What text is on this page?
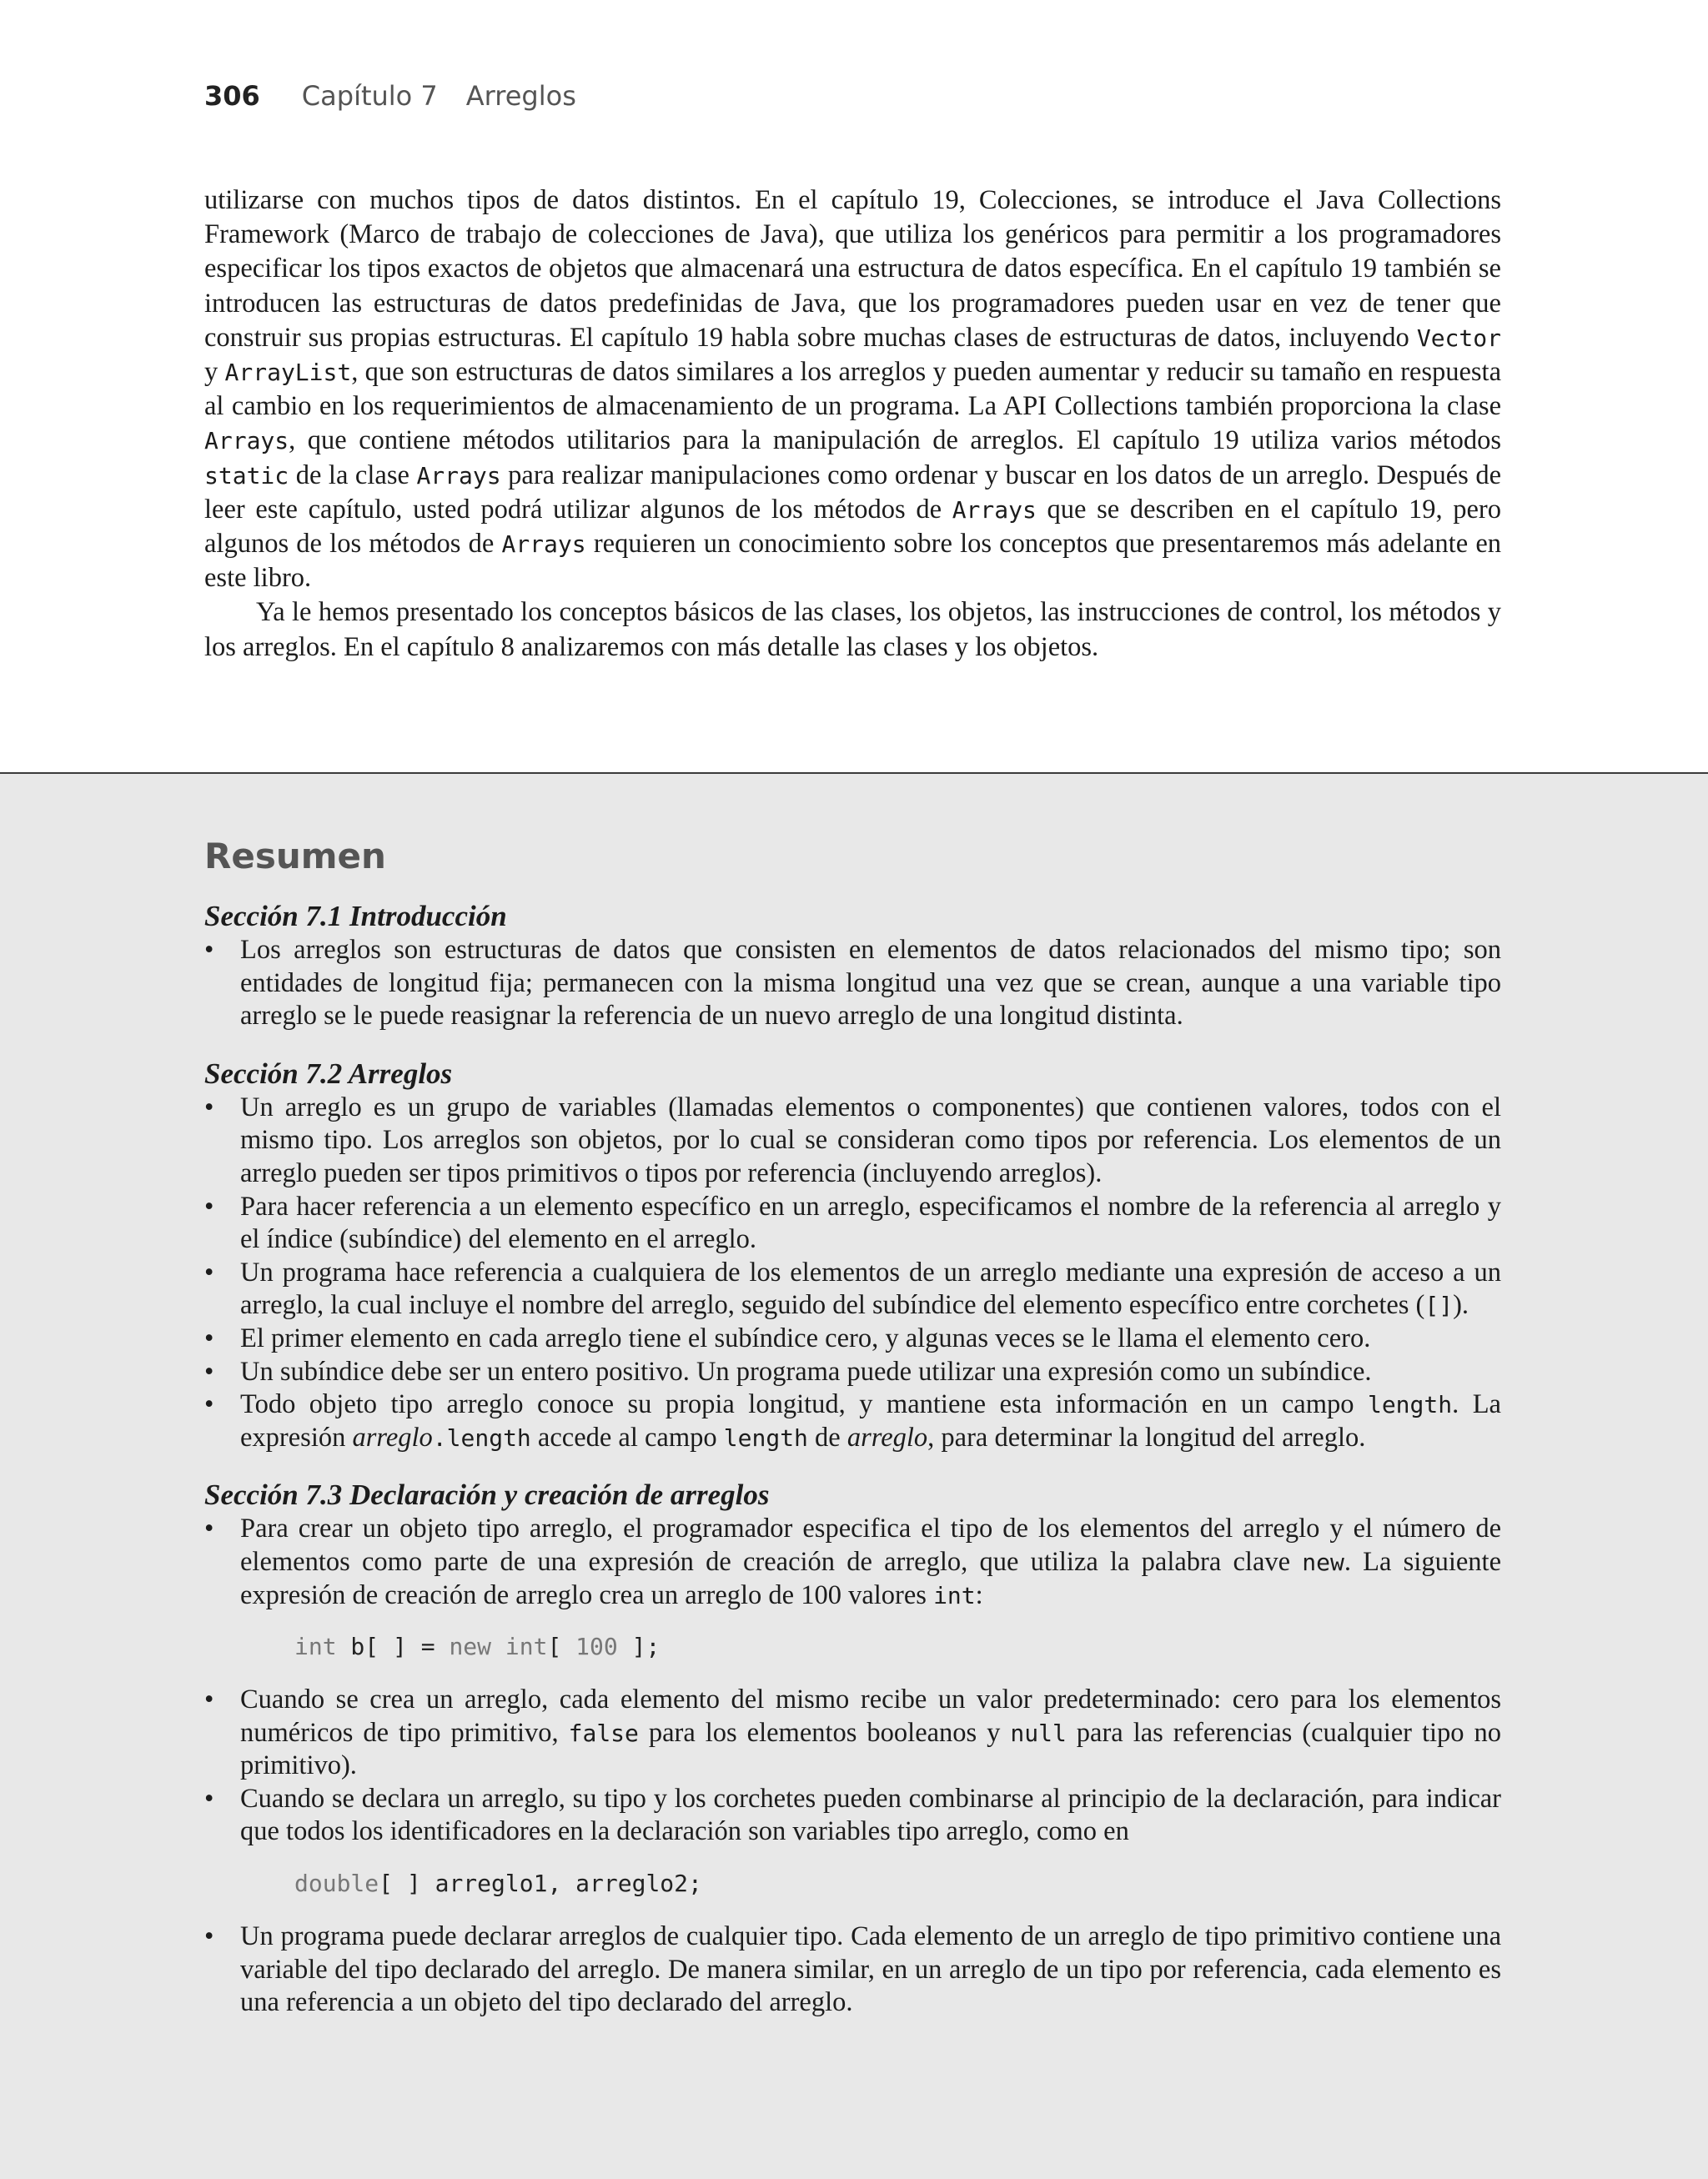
306 Capítulo 7 Arreglos

utilizarse con muchos tipos de datos distintos. En el capítulo 19, Colecciones, se introduce el Java Collections Framework (Marco de trabajo de colecciones de Java), que utiliza los genéricos para permitir a los programadores especificar los tipos exactos de objetos que almacenará una estructura de datos específica. En el capítulo 19 también se introducen las estructuras de datos predefinidas de Java, que los programadores pueden usar en vez de tener que construir sus propias estructuras. El capítulo 19 habla sobre muchas clases de estructuras de datos, incluyendo Vector y ArrayList, que son estructuras de datos similares a los arreglos y pueden aumentar y reducir su tamaño en respuesta al cambio en los requerimientos de almacenamiento de un programa. La API Collections también proporciona la clase Arrays, que contiene métodos utilitarios para la manipulación de arreglos. El capítulo 19 utiliza varios métodos static de la clase Arrays para realizar manipulaciones como ordenar y buscar en los datos de un arreglo. Después de leer este capítulo, usted podrá utilizar algunos de los métodos de Arrays que se describen en el capítulo 19, pero algunos de los métodos de Arrays requieren un conocimiento sobre los conceptos que presentaremos más adelante en este libro.

Ya le hemos presentado los conceptos básicos de las clases, los objetos, las instrucciones de control, los métodos y los arreglos. En el capítulo 8 analizaremos con más detalle las clases y los objetos.

Resumen
Sección 7.1 Introducción
• Los arreglos son estructuras de datos que consisten en elementos de datos relacionados del mismo tipo; son entidades de longitud fija; permanecen con la misma longitud una vez que se crean, aunque a una variable tipo arreglo se le puede reasignar la referencia de un nuevo arreglo de una longitud distinta.
Sección 7.2 Arreglos
• Un arreglo es un grupo de variables (llamadas elementos o componentes) que contienen valores, todos con el mismo tipo. Los arreglos son objetos, por lo cual se consideran como tipos por referencia. Los elementos de un arreglo pueden ser tipos primitivos o tipos por referencia (incluyendo arreglos).
• Para hacer referencia a un elemento específico en un arreglo, especificamos el nombre de la referencia al arreglo y el índice (subíndice) del elemento en el arreglo.
• Un programa hace referencia a cualquiera de los elementos de un arreglo mediante una expresión de acceso a un arreglo, la cual incluye el nombre del arreglo, seguido del subíndice del elemento específico entre corchetes ([]).
• El primer elemento en cada arreglo tiene el subíndice cero, y algunas veces se le llama el elemento cero.
• Un subíndice debe ser un entero positivo. Un programa puede utilizar una expresión como un subíndice.
• Todo objeto tipo arreglo conoce su propia longitud, y mantiene esta información en un campo length. La expresión arreglo.length accede al campo length de arreglo, para determinar la longitud del arreglo.
Sección 7.3 Declaración y creación de arreglos
• Para crear un objeto tipo arreglo, el programador especifica el tipo de los elementos del arreglo y el número de elementos como parte de una expresión de creación de arreglo, que utiliza la palabra clave new. La siguiente expresión de creación de arreglo crea un arreglo de 100 valores int:
int b[ ] = new int[ 100 ];
• Cuando se crea un arreglo, cada elemento del mismo recibe un valor predeterminado: cero para los elementos numéricos de tipo primitivo, false para los elementos booleanos y null para las referencias (cualquier tipo no primitivo).
• Cuando se declara un arreglo, su tipo y los corchetes pueden combinarse al principio de la declaración, para indicar que todos los identificadores en la declaración son variables tipo arreglo, como en
double[ ] arreglo1, arreglo2;
• Un programa puede declarar arreglos de cualquier tipo. Cada elemento de un arreglo de tipo primitivo contiene una variable del tipo declarado del arreglo. De manera similar, en un arreglo de un tipo por referencia, cada elemento es una referencia a un objeto del tipo declarado del arreglo.
